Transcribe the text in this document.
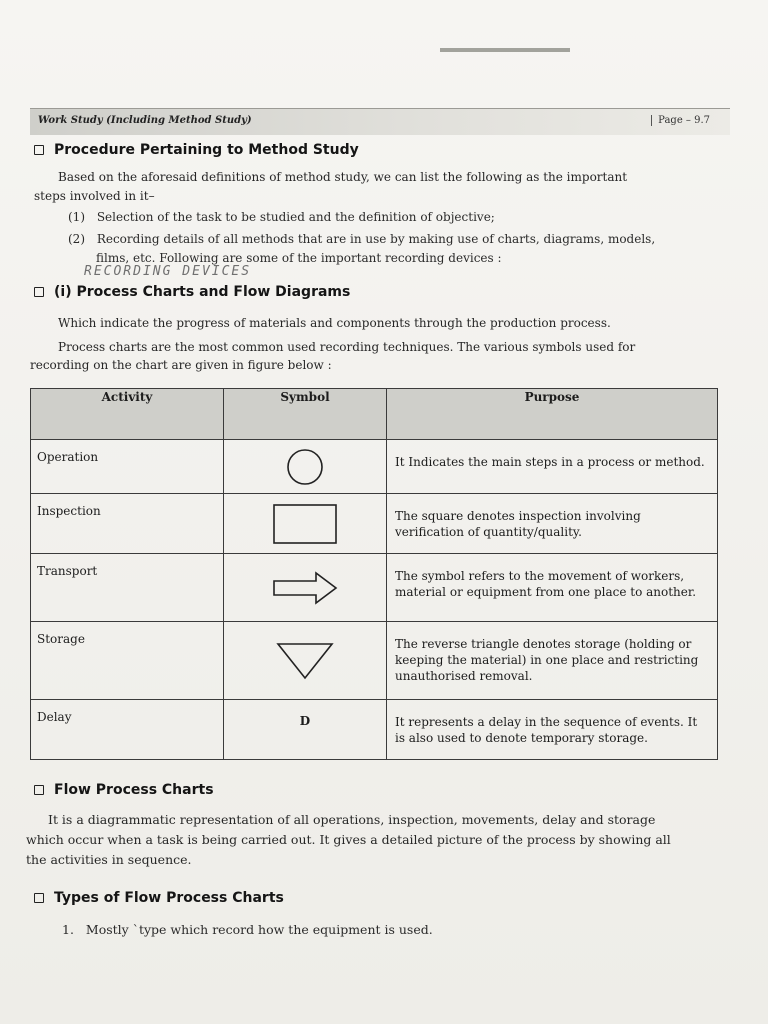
Work Study (Including Method Study)	Page – 9.7
Procedure Pertaining to Method Study
Based on the aforesaid definitions of method study, we can list the following as the important
steps involved in it–
(1) Selection of the task to be studied and the definition of objective;
(2) Recording details of all methods that are in use by making use of charts, diagrams, models,
films, etc. Following are some of the important recording devices :
RECORDING DEVICES
(i) Process Charts and Flow Diagrams
Which indicate the progress of materials and components through the production process.
Process charts are the most common used recording techniques. The various symbols used for
recording on the chart are given in figure below :
Activity	Symbol	Purpose
Operation		It Indicates the main steps in a process or method.
Inspection		The square denotes inspection involving verification of quantity/quality.
Transport		The symbol refers to the movement of workers, material or equipment from one place to another.
Storage		The reverse triangle denotes storage (holding or keeping the material) in one place and restricting unauthorised removal.
Delay	D	It represents a delay in the sequence of events. It is also used to denote temporary storage.
Flow Process Charts
It is a diagrammatic representation of all operations, inspection, movements, delay and storage
which occur when a task is being carried out. It gives a detailed picture of the process by showing all
the activities in sequence.
Types of Flow Process Charts
1. Mostly `type which record how the equipment is used.
